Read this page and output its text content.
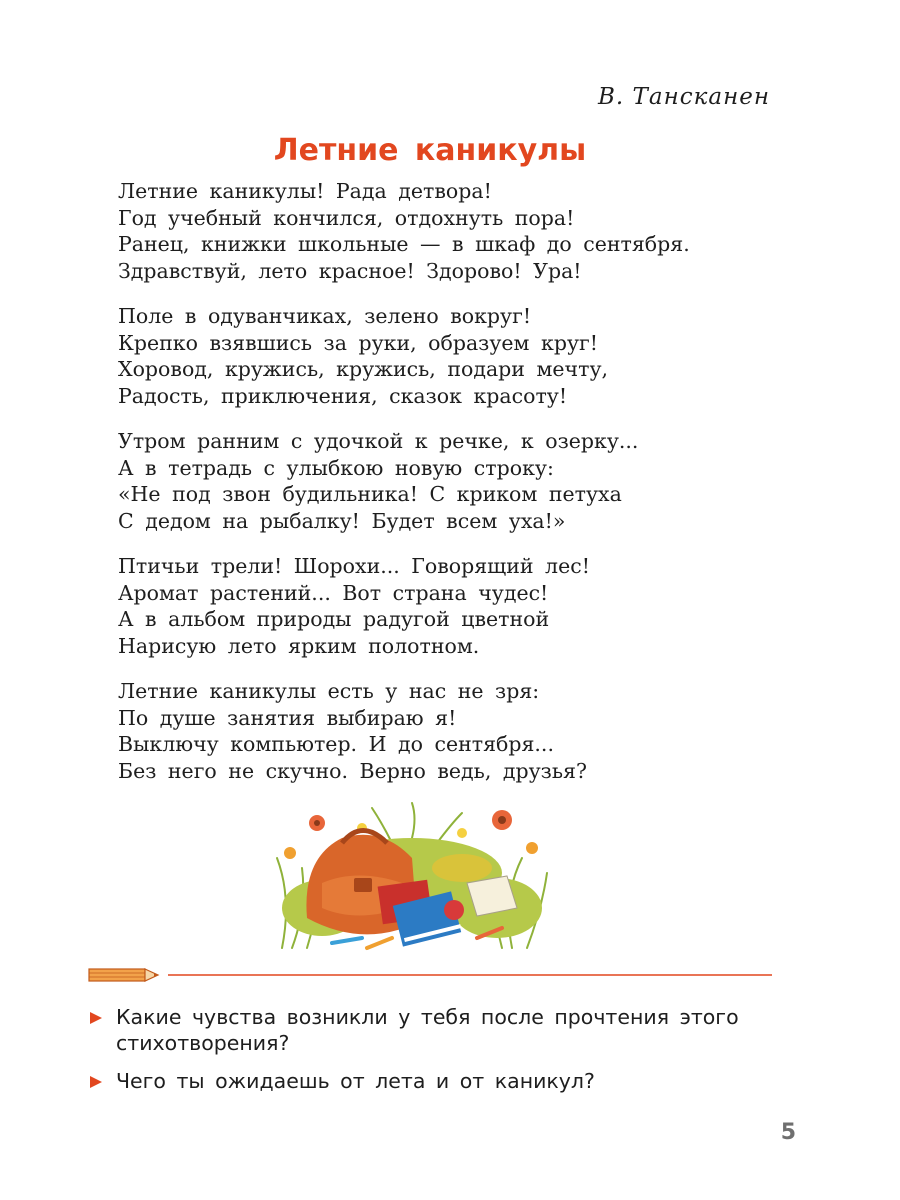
В. Тансканен
Летние каникулы
Летние каникулы! Рада детвора!
Год учебный кончился, отдохнуть пора!
Ранец, книжки школьные — в шкаф до сентября.
Здравствуй, лето красное! Здорово! Ура!
Поле в одуванчиках, зелено вокруг!
Крепко взявшись за руки, образуем круг!
Хоровод, кружись, кружись, подари мечту,
Радость, приключения, сказок красоту!
Утром ранним с удочкой к речке, к озерку...
А в тетрадь с улыбкою новую строку:
«Не под звон будильника! С криком петуха
С дедом на рыбалку! Будет всем уха!»
Птичьи трели! Шорохи... Говорящий лес!
Аромат растений... Вот страна чудес!
А в альбом природы радугой цветной
Нарисую лето ярким полотном.
Летние каникулы есть у нас не зря:
По душе занятия выбираю я!
Выключу компьютер. И до сентября...
Без него не скучно. Верно ведь, друзья?
Какие чувства возникли у тебя после прочтения этого стихотворения?
Чего ты ожидаешь от лета и от каникул?
5
